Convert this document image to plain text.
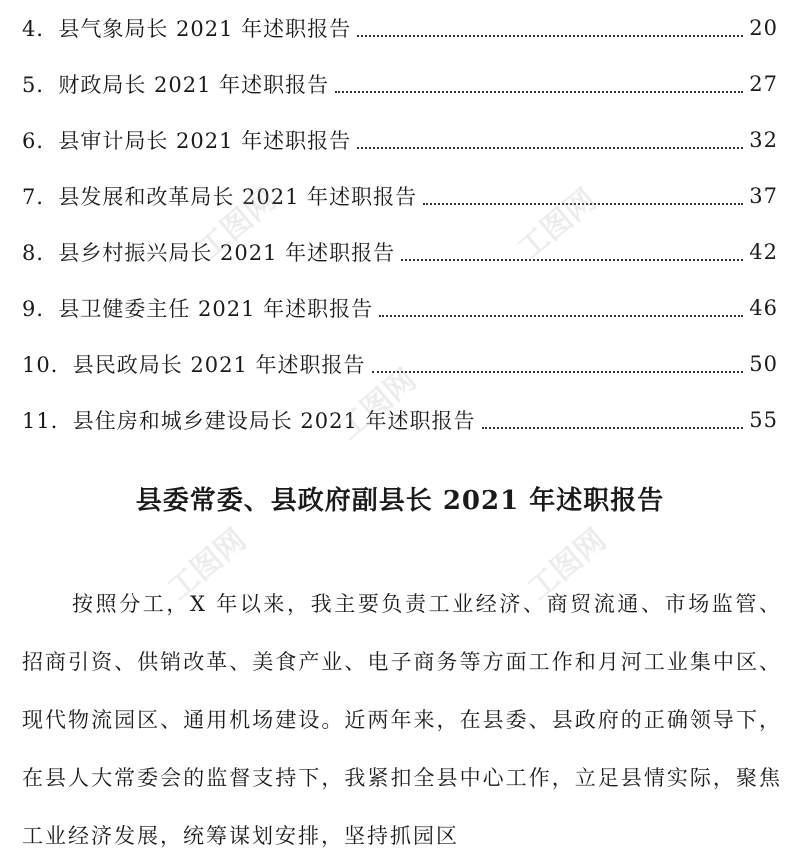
4． 县气象局长 2021 年述职报告	20
5． 财政局长 2021 年述职报告	27
6． 县审计局长 2021 年述职报告	32
7． 县发展和改革局长 2021 年述职报告	37
8． 县乡村振兴局长 2021 年述职报告	42
9． 县卫健委主任 2021 年述职报告	46
10． 县民政局长 2021 年述职报告	50
11． 县住房和城乡建设局长 2021 年述职报告	55
县委常委、县政府副县长 2021 年述职报告
按照分工，X 年以来，我主要负责工业经济、商贸流通、市场监管、招商引资、供销改革、美食产业、电子商务等方面工作和月河工业集中区、现代物流园区、通用机场建设。近两年来，在县委、县政府的正确领导下，在县人大常委会的监督支持下，我紧扣全县中心工作，立足县情实际，聚焦工业经济发展，统筹谋划安排，坚持抓园区
工图网	工图网
工图网
工图网	工图网
